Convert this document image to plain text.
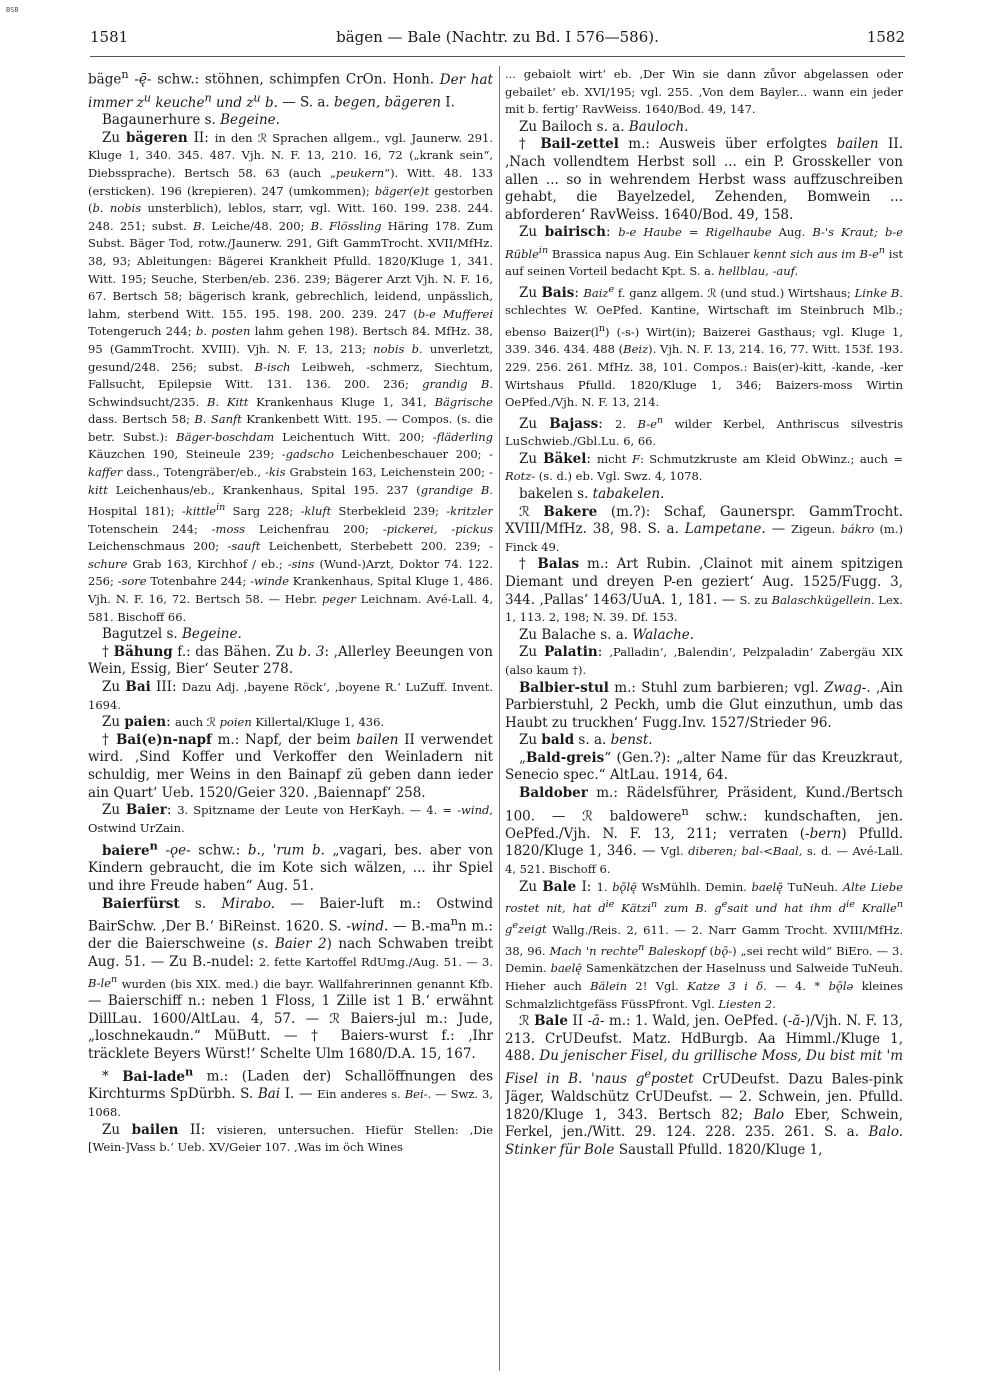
BSB
1581	bägen — Bale (Nachtr. zu Bd. I 576—586).	1582

bäge$^n$ -ę̄- schw.: stöhnen, schimpfen CrOn. Honh. Der hat immer $z^u$ keuche$^n$ und $z^u$ b. — S. a. begen, bägeren I.

Bagaunerhure s. Begeine.

Zu bägeren II: in den ℛ Sprachen allgem., vgl. Jaunerw. 291. Kluge 1, 340. 345. 487. Vjh. N. F. 13, 210. 16, 72 („krank sein“, Diebssprache). Bertsch 58. 63 (auch „peukern“). Witt. 48. 133 (ersticken). 196 (krepieren). 247 (umkommen); bäger(e)t gestorben (b. nobis unsterblich), leblos, starr, vgl. Witt. 160. 199. 238. 244. 248. 251; subst. B. Leiche/48. 200; B. Flössling Häring 178. Zum Subst. Bäger Tod, rotw./Jaunerw. 291, Gift GammTrocht. XVII/MfHz. 38, 93; Ableitungen: Bägerei Krankheit Pfulld. 1820/Kluge 1, 341. Witt. 195; Seuche, Sterben/eb. 236. 239; Bägerer Arzt Vjh. N. F. 16, 67. Bertsch 58; bägerisch krank, gebrechlich, leidend, unpässlich, lahm, sterbend Witt. 155. 195. 198. 200. 239. 247 (b-e Mufferei Totengeruch 244; b. posten lahm gehen 198). Bertsch 84. MfHz. 38, 95 (GammTrocht. XVIII). Vjh. N. F. 13, 213; nobis b. unverletzt, gesund/248. 256; subst. B-isch Leibweh, -schmerz, Siechtum, Fallsucht, Epilepsie Witt. 131. 136. 200. 236; grandig B. Schwindsucht/235. B. Kitt Krankenhaus Kluge 1, 341, Bägrische dass. Bertsch 58; B. Sanft Krankenbett Witt. 195. — Compos. (s. die betr. Subst.): Bäger-boschdam Leichentuch Witt. 200; -fläderling Käuzchen 190, Steineule 239; -gadscho Leichenbeschauer 200; -kaffer dass., Totengräber/eb., -kis Grabstein 163, Leichenstein 200; -kitt Leichenhaus/eb., Krankenhaus, Spital 195. 237 (grandige B. Hospital 181); -kittle$^{in}$ Sarg 228; -kluft Sterbekleid 239; -kritzler Totenschein 244; -moss Leichenfrau 200; -pickerei, -pickus Leichenschmaus 200; -sauft Leichenbett, Sterbebett 200. 239; -schure Grab 163, Kirchhof / eb.; -sins (Wund-)Arzt, Doktor 74. 122. 256; -sore Totenbahre 244; -winde Krankenhaus, Spital Kluge 1, 486. Vjh. N. F. 16, 72. Bertsch 58. — Hebr. peger Leichnam. Avé-Lall. 4, 581. Bischoff 66.

Bagutzel s. Begeine.

† Bähung f.: das Bähen. Zu b. 3: ‚Allerley Beeungen von Wein, Essig, Bier‘ Seuter 278.

Zu Bai III: Dazu Adj. ‚bayene Röck‘, ‚boyene R.‘ LuZuff. Invent. 1694.

Zu paien: auch ℛ poien Killertal/Kluge 1, 436.

† Bai(e)n-napf m.: Napf, der beim bailen II verwendet wird. ‚Sind Koffer und Verkoffer den Weinladern nit schuldig, mer Weins in den Bainapf zü geben dann ieder ain Quart‘ Ueb. 1520/Geier 320. ‚Baiennapf‘ 258.

Zu Baier: 3. Spitzname der Leute von HerKayh. — 4. = -wind, Ostwind UrZain.

baiere$^n$ -ǫe- schw.: b., 'rum b. „vagari, bes. aber von Kindern gebraucht, die im Kote sich wälzen, ... ihr Spiel und ihre Freude haben“ Aug. 51.

Baierfürst s. Mirabo. — Baier-luft m.: Ostwind BairSchw. ‚Der B.‘ BiReinst. 1620. S. -wind. — $B.-ma^nn$ m.: der die Baierschweine (s. Baier 2) nach Schwaben treibt Aug. 51. — Zu B.-nudel: 2. fette Kartoffel RdUmg./Aug. 51. — 3. $B-le^n$ wurden (bis XIX. med.) die bayr. Wallfahrerinnen genannt Kfb. — Baierschiff n.: neben 1 Floss, 1 Zille ist 1 B.‘ erwähnt DillLau. 1600/AltLau. 4, 57. — ℛ Baiers-jul m.: Jude, „loschnekaudn.“ MüButt. — † Baiers-wurst f.: ‚Ihr träcklete Beyers Würst!‘ Schelte Ulm 1680/D.A. 15, 167.

* Bai-lade$^n$ m.: (Laden der) Schallöffnungen des Kirchturms SpDürbh. S. Bai I. — Ein anderes s. Bei-. — Swz. 3, 1068.

Zu bailen II: visieren, untersuchen. Hiefür Stellen: ‚Die [Wein-]Vass b.‘ Ueb. XV/Geier 107. ‚Was im öch Wines

... gebaiolt wirt‘ eb. ‚Der Win sie dann zůvor abgelassen oder gebailet‘ eb. XVI/195; vgl. 255. ‚Von dem Bayler... wann ein jeder mit b. fertig‘ RavWeiss. 1640/Bod. 49, 147.

Zu Bailoch s. a. Bauloch.

† Bail-zettel m.: Ausweis über erfolgtes bailen II. ‚Nach vollendtem Herbst soll ... ein P. Grosskeller von allen ... so in wehrendem Herbst wass auffzuschreiben gehabt, die Bayelzedel, Zehenden, Bomwein ... abforderen‘ RavWeiss. 1640/Bod. 49, 158.

Zu bairisch: b-e Haube = Rigelhaube Aug. B-'s Kraut; b-e Rüble$^{in}$ Brassica napus Aug. Ein Schlauer kennt sich aus im $B-e^n$ ist auf seinen Vorteil bedacht Kpt. S. a. hellblau, -auf.

Zu Bais: Baiz$^e$ f. ganz allgem. ℛ (und stud.) Wirtshaus; Linke B. schlechtes W. OePfed. Kantine, Wirtschaft im Steinbruch Mlb.; ebenso $Baizer(l^n)$ (-s-) Wirt(in); Baizerei Gasthaus; vgl. Kluge 1, 339. 346. 434. 488 (Beiz). Vjh. N. F. 13, 214. 16, 77. Witt. 153f. 193. 229. 256. 261. MfHz. 38, 101. Compos.: Bais(er)-kitt, -kande, -ker Wirtshaus Pfulld. 1820/Kluge 1, 346; Baizers-moss Wirtin OePfed./Vjh. N. F. 13, 214.

Zu Bajass: 2. $B-e^n$ wilder Kerbel, Anthriscus silvestris LuSchwieb./Gbl.Lu. 6, 66.

Zu Bäkel: nicht F: Schmutzkruste am Kleid ObWinz.; auch = Rotz- (s. d.) eb. Vgl. Swz. 4, 1078.

bakelen s. tabakelen.

ℛ Bakere (m.?): Schaf, Gaunerspr. GammTrocht. XVIII/MfHz. 38, 98. S. a. Lampetane. — Zigeun. bákro (m.) Finck 49.

† Balas m.: Art Rubin. ‚Clainot mit ainem spitzigen Diemant und dreyen P-en geziert‘ Aug. 1525/Fugg. 3, 344. ‚Pallas‘ 1463/UuA. 1, 181. — S. zu Balaschkügellein. Lex. 1, 113. 2, 198; N. 39. Df. 153.

Zu Balache s. a. Walache.

Zu Palatin: ‚Palladin‘, ‚Balendin‘, Pelzpaladin‘ Zabergäu XIX (also kaum †).

Balbier-stul m.: Stuhl zum barbieren; vgl. Zwag-. ‚Ain Parbierstuhl, 2 Peckh, umb die Glut einzuthun, umb das Haubt zu truckhen‘ Fugg.Inv. 1527/Strieder 96.

Zu bald s. a. benst.

„Bald-greis“ (Gen.?): „alter Name für das Kreuzkraut, Senecio spec.“ AltLau. 1914, 64.

Baldober m.: Rädelsführer, Präsident, Kund./Bertsch 100. — ℛ baldowere$^n$ schw.: kundschaften, jen. OePfed./Vjh. N. F. 13, 211; verraten (-bern) Pfulld. 1820/Kluge 1, 346. — Vgl. diberen; bal-<Baal, s. d. — Avé-Lall. 4, 521. Bischoff 6.

Zu Bale I: 1. bǭlę̄ WsMühlh. Demin. baelę̄ TuNeuh. Alte Liebe rostet nit, hat $d^{ie}$ Kätzi$^n$ zum B. $g^esait$ und hat ihm $d^{ie}$ Kralle$^n$ $g^ezeigt$ Wallg./Reis. 2, 611. — 2. Narr Gamm Trocht. XVIII/MfHz. 38, 96. Mach 'n rechte$^n$ Baleskopf (bǭ-) „sei recht wild“ BiEro. — 3. Demin. baelę̄ Samenkätzchen der Haselnuss und Salweide TuNeuh. Hieher auch Bälein 2! Vgl. Katze 3 i δ. — 4. * bǭlə kleines Schmalzlichtgefäss FüssPfront. Vgl. Liesten 2.

ℛ Bale II -ā- m.: 1. Wald, jen. OePfed. (-ă-)/Vjh. N. F. 13, 213. CrUDeufst. Matz. HdBurgb. Aa Himml./Kluge 1, 488. Du jenischer Fisel, du grillische Moss, Du bist mit 'm Fisel in B. 'naus $g^epostet$ CrUDeufst. Dazu Bales-pink Jäger, Waldschütz CrUDeufst. — 2. Schwein, jen. Pfulld. 1820/Kluge 1, 343. Bertsch 82; Balo Eber, Schwein, Ferkel, jen./Witt. 29. 124. 228. 235. 261. S. a. Balo. Stinker für Bole Saustall Pfulld. 1820/Kluge 1,
